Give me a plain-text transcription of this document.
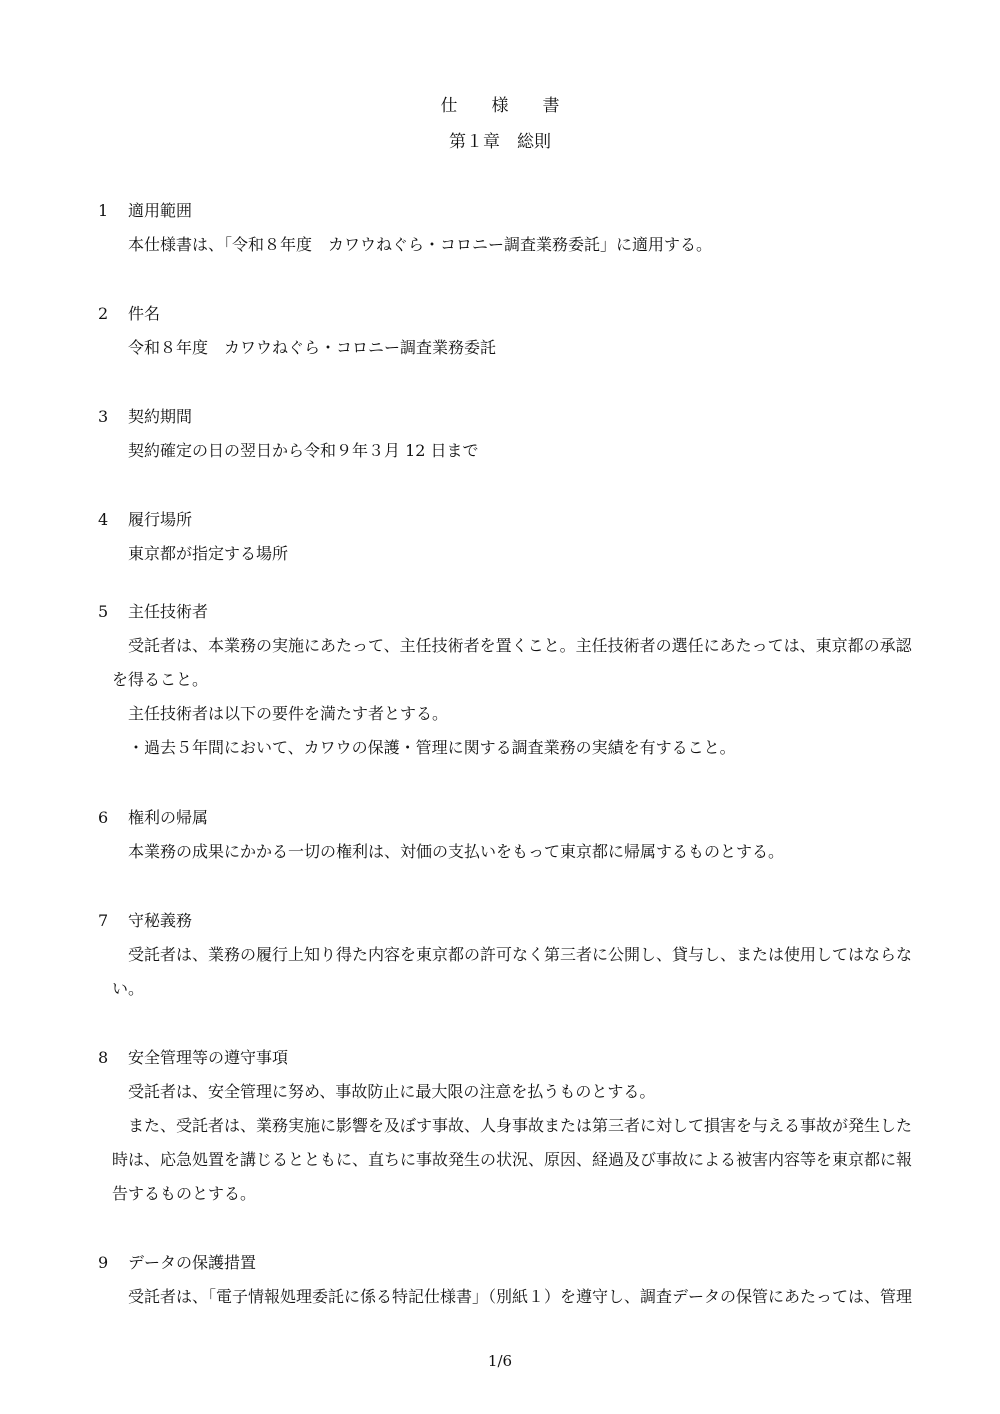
仕　　様　　書
第１章　総則
1 適用範囲
本仕様書は、「令和８年度　カワウねぐら・コロニー調査業務委託」に適用する。
2 件名
令和８年度　カワウねぐら・コロニー調査業務委託
3 契約期間
契約確定の日の翌日から令和９年３月 12 日まで
4 履行場所
東京都が指定する場所
5 主任技術者
受託者は、本業務の実施にあたって、主任技術者を置くこと。主任技術者の選任にあたっては、東京都の承認
を得ること。
主任技術者は以下の要件を満たす者とする。
・過去５年間において、カワウの保護・管理に関する調査業務の実績を有すること。
6 権利の帰属
本業務の成果にかかる一切の権利は、対価の支払いをもって東京都に帰属するものとする。
7 守秘義務
受託者は、業務の履行上知り得た内容を東京都の許可なく第三者に公開し、貸与し、または使用してはならな
い。
8 安全管理等の遵守事項
受託者は、安全管理に努め、事故防止に最大限の注意を払うものとする。
また、受託者は、業務実施に影響を及ぼす事故、人身事故または第三者に対して損害を与える事故が発生した
時は、応急処置を講じるとともに、直ちに事故発生の状況、原因、経過及び事故による被害内容等を東京都に報
告するものとする。
9 データの保護措置
受託者は、「電子情報処理委託に係る特記仕様書」（別紙１）を遵守し、調査データの保管にあたっては、管理
1/6
